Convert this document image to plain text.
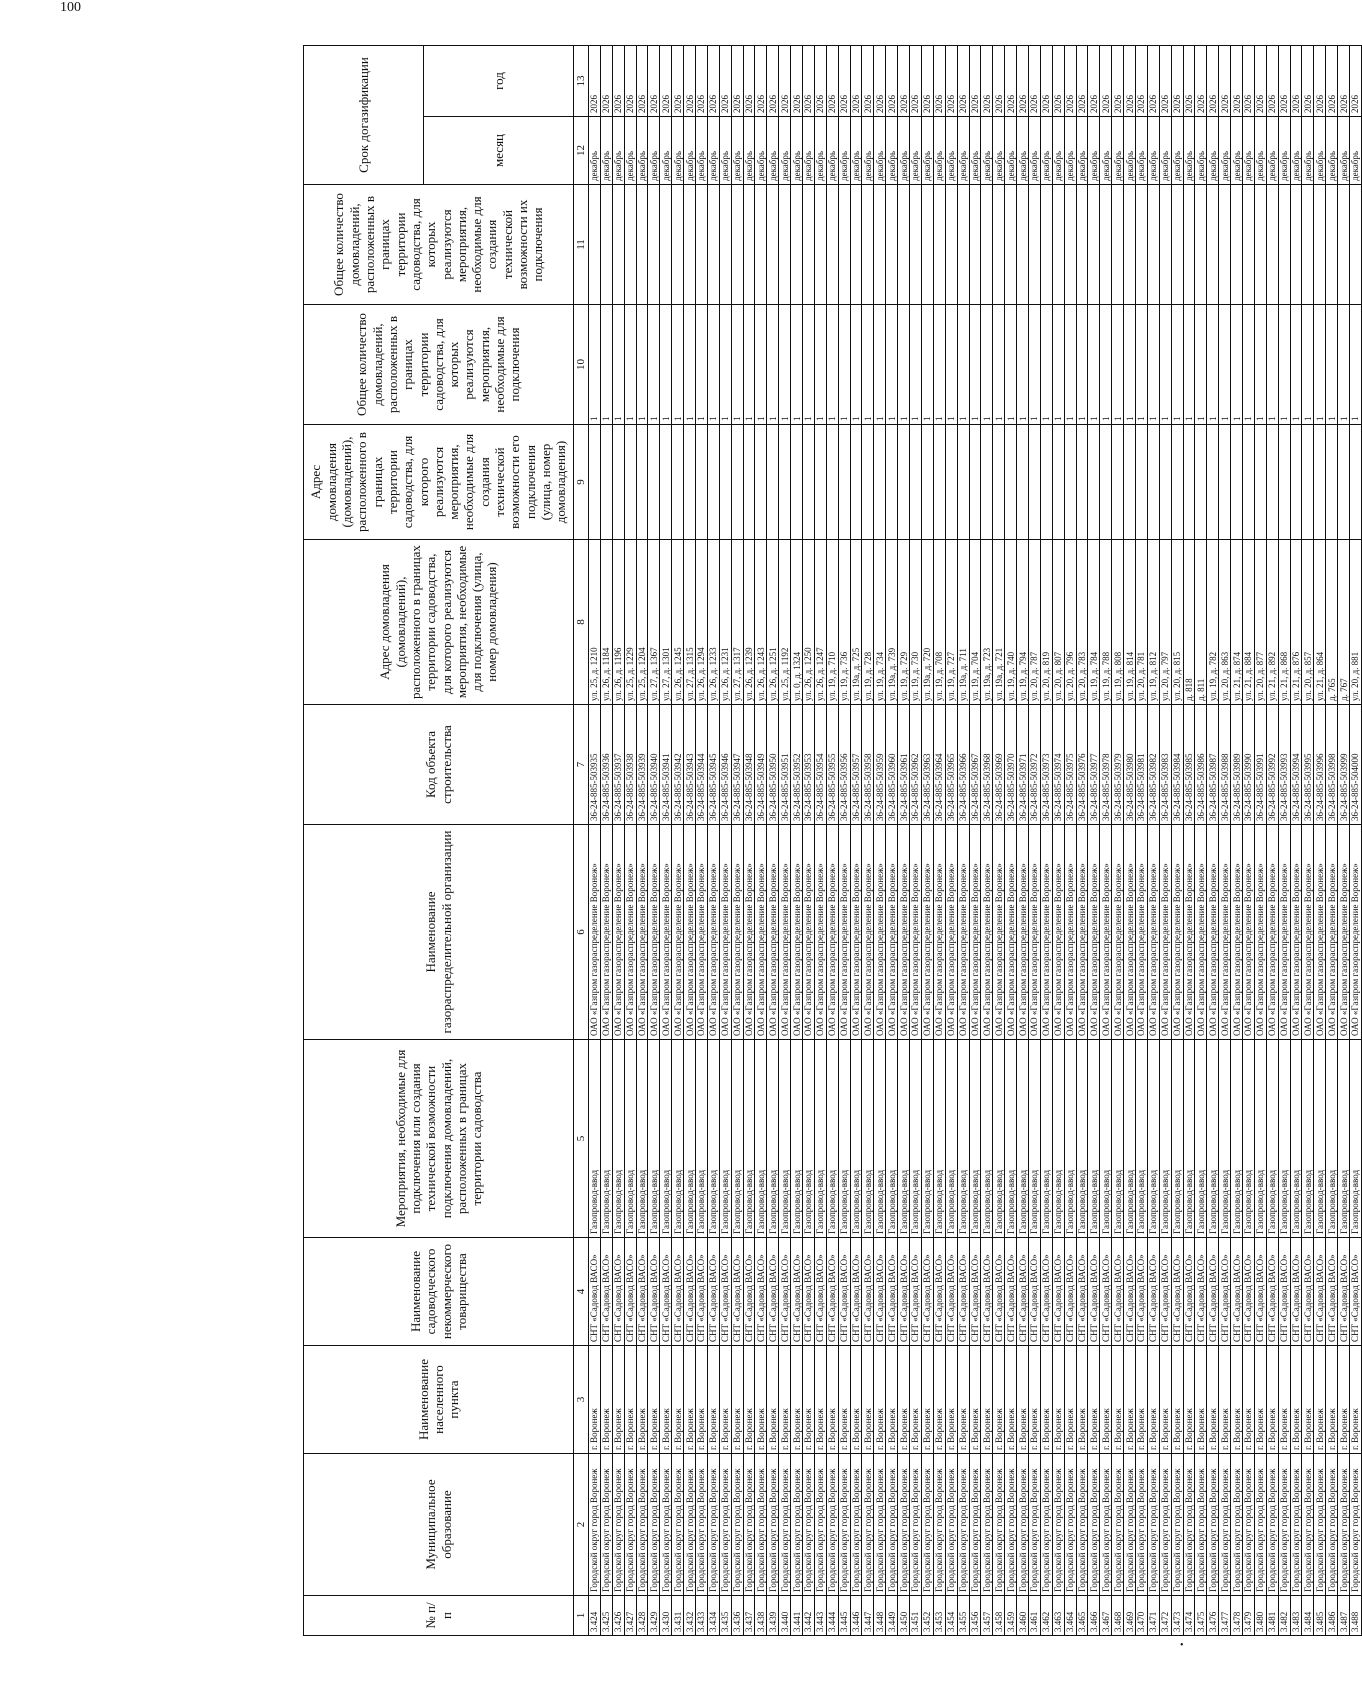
100
•
№ п/п	Муниципальное образование	Наименование населенного пункта	Наименование садоводческого некоммерческого товарищества	Мероприятия, необходимые для подключения или создания технической возможности подключения домовладений, расположенных в границах территории садоводства	Наименование газораспределительной организации	Код объекта строительства	Адрес домовладения (домовладений), расположенного в границах территории садоводства, для которого реализуются мероприятия, необходимые для подключения (улица, номер домовладения)	Адрес домовладения (домовладений), расположенного в границах территории садоводства, для которого реализуются мероприятия, необходимые для создания технической возможности его подключения (улица, номер домовладения)	Общее количество домовладений, расположенных в границах территории садоводства, для которых реализуются мероприятия, необходимые для подключения	Общее количество домовладений, расположенных в границах территории садоводства, для которых реализуются мероприятия, необходимые для создания технической возможности их подключения	Срок догазификации	
											месяц	год
1	2	3	4	5	6	7	8	9	10	11	12	13
3.424	Городской округ город Воронеж	г. Воронеж	СНТ «Садовод ВАСО»	Газопровод-ввод	ОАО «Газпром газораспределение Воронеж»	36-24-885-503935	ул. 25, д. 1210		1		декабрь	2026
3.425	Городской округ город Воронеж	г. Воронеж	СНТ «Садовод ВАСО»	Газопровод-ввод	ОАО «Газпром газораспределение Воронеж»	36-24-885-503936	ул. 26, д. 1184		1		декабрь	2026
3.426	Городской округ город Воронеж	г. Воронеж	СНТ «Садовод ВАСО»	Газопровод-ввод	ОАО «Газпром газораспределение Воронеж»	36-24-885-503937	ул. 26, д. 1196		1		декабрь	2026
3.427	Городской округ город Воронеж	г. Воронеж	СНТ «Садовод ВАСО»	Газопровод-ввод	ОАО «Газпром газораспределение Воронеж»	36-24-885-503938	ул. 25, д. 1229		1		декабрь	2026
3.428	Городской округ город Воронеж	г. Воронеж	СНТ «Садовод ВАСО»	Газопровод-ввод	ОАО «Газпром газораспределение Воронеж»	36-24-885-503939	ул. 25, д. 1204		1		декабрь	2026
3.429	Городской округ город Воронеж	г. Воронеж	СНТ «Садовод ВАСО»	Газопровод-ввод	ОАО «Газпром газораспределение Воронеж»	36-24-885-503940	ул. 27, д. 1367		1		декабрь	2026
3.430	Городской округ город Воронеж	г. Воронеж	СНТ «Садовод ВАСО»	Газопровод-ввод	ОАО «Газпром газораспределение Воронеж»	36-24-885-503941	ул. 27, д. 1301		1		декабрь	2026
3.431	Городской округ город Воронеж	г. Воронеж	СНТ «Садовод ВАСО»	Газопровод-ввод	ОАО «Газпром газораспределение Воронеж»	36-24-885-503942	ул. 26, д. 1245		1		декабрь	2026
3.432	Городской округ город Воронеж	г. Воронеж	СНТ «Садовод ВАСО»	Газопровод-ввод	ОАО «Газпром газораспределение Воронеж»	36-24-885-503943	ул. 27, д. 1315		1		декабрь	2026
3.433	Городской округ город Воронеж	г. Воронеж	СНТ «Садовод ВАСО»	Газопровод-ввод	ОАО «Газпром газораспределение Воронеж»	36-24-885-503944	ул. 26, д. 1294		1		декабрь	2026
3.434	Городской округ город Воронеж	г. Воронеж	СНТ «Садовод ВАСО»	Газопровод-ввод	ОАО «Газпром газораспределение Воронеж»	36-24-885-503945	ул. 26, д. 1233		1		декабрь	2026
3.435	Городской округ город Воронеж	г. Воронеж	СНТ «Садовод ВАСО»	Газопровод-ввод	ОАО «Газпром газораспределение Воронеж»	36-24-885-503946	ул. 26, д. 1231		1		декабрь	2026
3.436	Городской округ город Воронеж	г. Воронеж	СНТ «Садовод ВАСО»	Газопровод-ввод	ОАО «Газпром газораспределение Воронеж»	36-24-885-503947	ул. 27, д. 1317		1		декабрь	2026
3.437	Городской округ город Воронеж	г. Воронеж	СНТ «Садовод ВАСО»	Газопровод-ввод	ОАО «Газпром газораспределение Воронеж»	36-24-885-503948	ул. 26, д. 1239		1		декабрь	2026
3.438	Городской округ город Воронеж	г. Воронеж	СНТ «Садовод ВАСО»	Газопровод-ввод	ОАО «Газпром газораспределение Воронеж»	36-24-885-503949	ул. 26, д. 1243		1		декабрь	2026
3.439	Городской округ город Воронеж	г. Воронеж	СНТ «Садовод ВАСО»	Газопровод-ввод	ОАО «Газпром газораспределение Воронеж»	36-24-885-503950	ул. 26, д. 1251		1		декабрь	2026
3.440	Городской округ город Воронеж	г. Воронеж	СНТ «Садовод ВАСО»	Газопровод-ввод	ОАО «Газпром газораспределение Воронеж»	36-24-885-503951	ул. 25, д. 1192		1		декабрь	2026
3.441	Городской округ город Воронеж	г. Воронеж	СНТ «Садовод ВАСО»	Газопровод-ввод	ОАО «Газпром газораспределение Воронеж»	36-24-885-503952	ул. 0, д. 1324		1		декабрь	2026
3.442	Городской округ город Воронеж	г. Воронеж	СНТ «Садовод ВАСО»	Газопровод-ввод	ОАО «Газпром газораспределение Воронеж»	36-24-885-503953	ул. 26, д. 1250		1		декабрь	2026
3.443	Городской округ город Воронеж	г. Воронеж	СНТ «Садовод ВАСО»	Газопровод-ввод	ОАО «Газпром газораспределение Воронеж»	36-24-885-503954	ул. 26, д. 1247		1		декабрь	2026
3.444	Городской округ город Воронеж	г. Воронеж	СНТ «Садовод ВАСО»	Газопровод-ввод	ОАО «Газпром газораспределение Воронеж»	36-24-885-503955	ул. 19, д. 710		1		декабрь	2026
3.445	Городской округ город Воронеж	г. Воронеж	СНТ «Садовод ВАСО»	Газопровод-ввод	ОАО «Газпром газораспределение Воронеж»	36-24-885-503956	ул. 19, д. 736		1		декабрь	2026
3.446	Городской округ город Воронеж	г. Воронеж	СНТ «Садовод ВАСО»	Газопровод-ввод	ОАО «Газпром газораспределение Воронеж»	36-24-885-503957	ул. 19а, д. 725		1		декабрь	2026
3.447	Городской округ город Воронеж	г. Воронеж	СНТ «Садовод ВАСО»	Газопровод-ввод	ОАО «Газпром газораспределение Воронеж»	36-24-885-503958	ул. 19, д. 728		1		декабрь	2026
3.448	Городской округ город Воронеж	г. Воронеж	СНТ «Садовод ВАСО»	Газопровод-ввод	ОАО «Газпром газораспределение Воронеж»	36-24-885-503959	ул. 19, д. 734		1		декабрь	2026
3.449	Городской округ город Воронеж	г. Воронеж	СНТ «Садовод ВАСО»	Газопровод-ввод	ОАО «Газпром газораспределение Воронеж»	36-24-885-503960	ул. 19а, д. 739		1		декабрь	2026
3.450	Городской округ город Воронеж	г. Воронеж	СНТ «Садовод ВАСО»	Газопровод-ввод	ОАО «Газпром газораспределение Воронеж»	36-24-885-503961	ул. 19, д. 729		1		декабрь	2026
3.451	Городской округ город Воронеж	г. Воронеж	СНТ «Садовод ВАСО»	Газопровод-ввод	ОАО «Газпром газораспределение Воронеж»	36-24-885-503962	ул. 19, д. 730		1		декабрь	2026
3.452	Городской округ город Воронеж	г. Воронеж	СНТ «Садовод ВАСО»	Газопровод-ввод	ОАО «Газпром газораспределение Воронеж»	36-24-885-503963	ул. 19а, д. 720		1		декабрь	2026
3.453	Городской округ город Воронеж	г. Воронеж	СНТ «Садовод ВАСО»	Газопровод-ввод	ОАО «Газпром газораспределение Воронеж»	36-24-885-503964	ул. 19, д. 708		1		декабрь	2026
3.454	Городской округ город Воронеж	г. Воронеж	СНТ «Садовод ВАСО»	Газопровод-ввод	ОАО «Газпром газораспределение Воронеж»	36-24-885-503965	ул. 19, д. 727		1		декабрь	2026
3.455	Городской округ город Воронеж	г. Воронеж	СНТ «Садовод ВАСО»	Газопровод-ввод	ОАО «Газпром газораспределение Воронеж»	36-24-885-503966	ул. 19а, д. 711		1		декабрь	2026
3.456	Городской округ город Воронеж	г. Воронеж	СНТ «Садовод ВАСО»	Газопровод-ввод	ОАО «Газпром газораспределение Воронеж»	36-24-885-503967	ул. 19, д. 704		1		декабрь	2026
3.457	Городской округ город Воронеж	г. Воронеж	СНТ «Садовод ВАСО»	Газопровод-ввод	ОАО «Газпром газораспределение Воронеж»	36-24-885-503968	ул. 19а, д. 723		1		декабрь	2026
3.458	Городской округ город Воронеж	г. Воронеж	СНТ «Садовод ВАСО»	Газопровод-ввод	ОАО «Газпром газораспределение Воронеж»	36-24-885-503969	ул. 19а, д. 721		1		декабрь	2026
3.459	Городской округ город Воронеж	г. Воронеж	СНТ «Садовод ВАСО»	Газопровод-ввод	ОАО «Газпром газораспределение Воронеж»	36-24-885-503970	ул. 19, д. 740		1		декабрь	2026
3.460	Городской округ город Воронеж	г. Воронеж	СНТ «Садовод ВАСО»	Газопровод-ввод	ОАО «Газпром газораспределение Воронеж»	36-24-885-503971	ул. 19, д. 794		1		декабрь	2026
3.461	Городской округ город Воронеж	г. Воронеж	СНТ «Садовод ВАСО»	Газопровод-ввод	ОАО «Газпром газораспределение Воронеж»	36-24-885-503972	ул. 20, д. 787		1		декабрь	2026
3.462	Городской округ город Воронеж	г. Воронеж	СНТ «Садовод ВАСО»	Газопровод-ввод	ОАО «Газпром газораспределение Воронеж»	36-24-885-503973	ул. 20, д. 819		1		декабрь	2026
3.463	Городской округ город Воронеж	г. Воронеж	СНТ «Садовод ВАСО»	Газопровод-ввод	ОАО «Газпром газораспределение Воронеж»	36-24-885-503974	ул. 20, д. 807		1		декабрь	2026
3.464	Городской округ город Воронеж	г. Воронеж	СНТ «Садовод ВАСО»	Газопровод-ввод	ОАО «Газпром газораспределение Воронеж»	36-24-885-503975	ул. 20, д. 796		1		декабрь	2026
3.465	Городской округ город Воронеж	г. Воронеж	СНТ «Садовод ВАСО»	Газопровод-ввод	ОАО «Газпром газораспределение Воронеж»	36-24-885-503976	ул. 20, д. 783		1		декабрь	2026
3.466	Городской округ город Воронеж	г. Воронеж	СНТ «Садовод ВАСО»	Газопровод-ввод	ОАО «Газпром газораспределение Воронеж»	36-24-885-503977	ул. 19, д. 784		1		декабрь	2026
3.467	Городской округ город Воронеж	г. Воронеж	СНТ «Садовод ВАСО»	Газопровод-ввод	ОАО «Газпром газораспределение Воронеж»	36-24-885-503978	ул. 19, д. 788		1		декабрь	2026
3.468	Городской округ город Воронеж	г. Воронеж	СНТ «Садовод ВАСО»	Газопровод-ввод	ОАО «Газпром газораспределение Воронеж»	36-24-885-503979	ул. 19, д. 808		1		декабрь	2026
3.469	Городской округ город Воронеж	г. Воронеж	СНТ «Садовод ВАСО»	Газопровод-ввод	ОАО «Газпром газораспределение Воронеж»	36-24-885-503980	ул. 19, д. 814		1		декабрь	2026
3.470	Городской округ город Воронеж	г. Воронеж	СНТ «Садовод ВАСО»	Газопровод-ввод	ОАО «Газпром газораспределение Воронеж»	36-24-885-503981	ул. 20, д. 781		1		декабрь	2026
3.471	Городской округ город Воронеж	г. Воронеж	СНТ «Садовод ВАСО»	Газопровод-ввод	ОАО «Газпром газораспределение Воронеж»	36-24-885-503982	ул. 19, д. 812		1		декабрь	2026
3.472	Городской округ город Воронеж	г. Воронеж	СНТ «Садовод ВАСО»	Газопровод-ввод	ОАО «Газпром газораспределение Воронеж»	36-24-885-503983	ул. 20, д. 797		1		декабрь	2026
3.473	Городской округ город Воронеж	г. Воронеж	СНТ «Садовод ВАСО»	Газопровод-ввод	ОАО «Газпром газораспределение Воронеж»	36-24-885-503984	ул. 20, д. 815		1		декабрь	2026
3.474	Городской округ город Воронеж	г. Воронеж	СНТ «Садовод ВАСО»	Газопровод-ввод	ОАО «Газпром газораспределение Воронеж»	36-24-885-503985	д. 818		1		декабрь	2026
3.475	Городской округ город Воронеж	г. Воронеж	СНТ «Садовод ВАСО»	Газопровод-ввод	ОАО «Газпром газораспределение Воронеж»	36-24-885-503986	д. 811		1		декабрь	2026
3.476	Городской округ город Воронеж	г. Воронеж	СНТ «Садовод ВАСО»	Газопровод-ввод	ОАО «Газпром газораспределение Воронеж»	36-24-885-503987	ул. 19, д. 782		1		декабрь	2026
3.477	Городской округ город Воронеж	г. Воронеж	СНТ «Садовод ВАСО»	Газопровод-ввод	ОАО «Газпром газораспределение Воронеж»	36-24-885-503988	ул. 20, д. 863		1		декабрь	2026
3.478	Городской округ город Воронеж	г. Воронеж	СНТ «Садовод ВАСО»	Газопровод-ввод	ОАО «Газпром газораспределение Воронеж»	36-24-885-503989	ул. 21, д. 874		1		декабрь	2026
3.479	Городской округ город Воронеж	г. Воронеж	СНТ «Садовод ВАСО»	Газопровод-ввод	ОАО «Газпром газораспределение Воронеж»	36-24-885-503990	ул. 21, д. 884		1		декабрь	2026
3.480	Городской округ город Воронеж	г. Воронеж	СНТ «Садовод ВАСО»	Газопровод-ввод	ОАО «Газпром газораспределение Воронеж»	36-24-885-503991	ул. 20, д. 877		1		декабрь	2026
3.481	Городской округ город Воронеж	г. Воронеж	СНТ «Садовод ВАСО»	Газопровод-ввод	ОАО «Газпром газораспределение Воронеж»	36-24-885-503992	ул. 21, д. 892		1		декабрь	2026
3.482	Городской округ город Воронеж	г. Воронеж	СНТ «Садовод ВАСО»	Газопровод-ввод	ОАО «Газпром газораспределение Воронеж»	36-24-885-503993	ул. 21, д. 868		1		декабрь	2026
3.483	Городской округ город Воронеж	г. Воронеж	СНТ «Садовод ВАСО»	Газопровод-ввод	ОАО «Газпром газораспределение Воронеж»	36-24-885-503994	ул. 21, д. 876		1		декабрь	2026
3.484	Городской округ город Воронеж	г. Воронеж	СНТ «Садовод ВАСО»	Газопровод-ввод	ОАО «Газпром газораспределение Воронеж»	36-24-885-503995	ул. 20, д. 857		1		декабрь	2026
3.485	Городской округ город Воронеж	г. Воронеж	СНТ «Садовод ВАСО»	Газопровод-ввод	ОАО «Газпром газораспределение Воронеж»	36-24-885-503996	ул. 21, д. 864		1		декабрь	2026
3.486	Городской округ город Воронеж	г. Воронеж	СНТ «Садовод ВАСО»	Газопровод-ввод	ОАО «Газпром газораспределение Воронеж»	36-24-885-503998	д. 765		1		декабрь	2026
3.487	Городской округ город Воронеж	г. Воронеж	СНТ «Садовод ВАСО»	Газопровод-ввод	ОАО «Газпром газораспределение Воронеж»	36-24-885-503999	д. 767		1		декабрь	2026
3.488	Городской округ город Воронеж	г. Воронеж	СНТ «Садовод ВАСО»	Газопровод-ввод	ОАО «Газпром газораспределение Воронеж»	36-24-885-504000	ул. 20, д. 881		1		декабрь	2026
